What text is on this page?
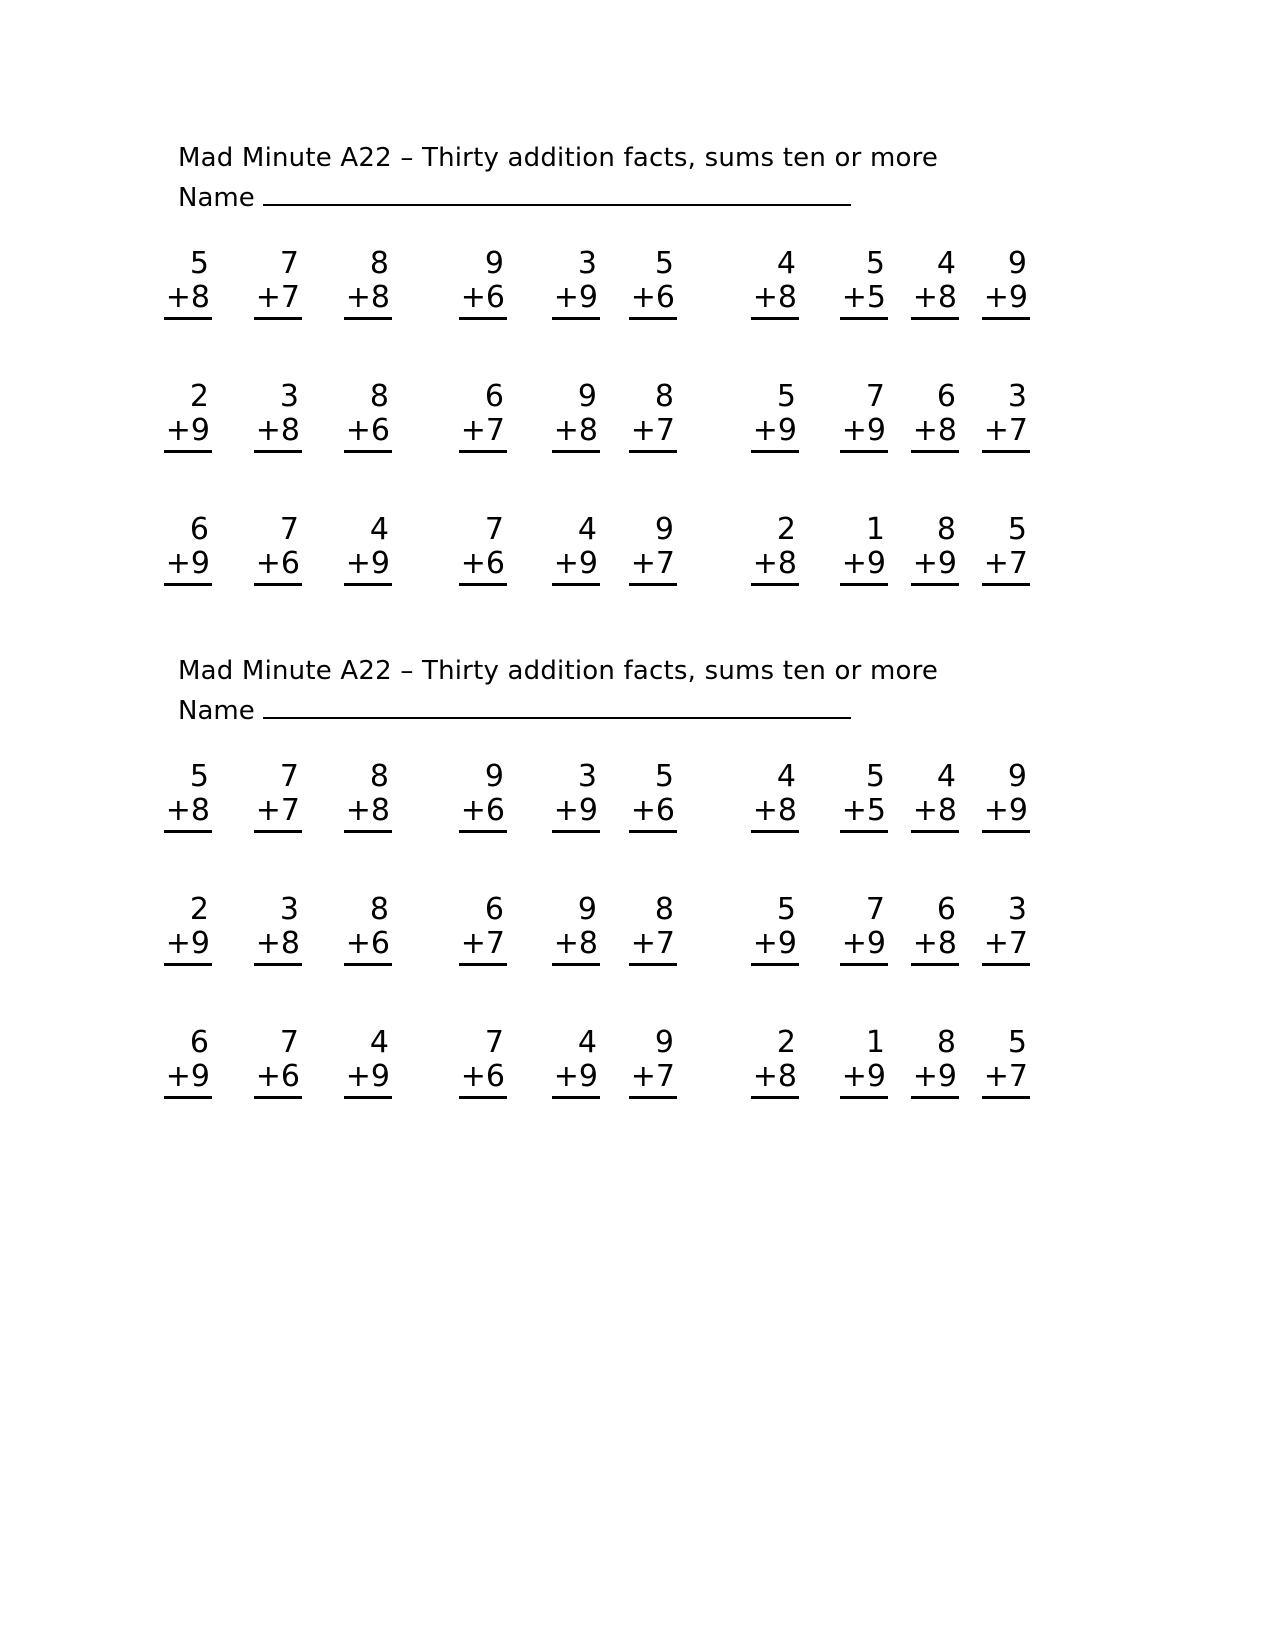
Mad Minute A22 – Thirty addition facts, sums ten or more
Name
5
+8
7
+7
8
+8
9
+6
3
+9
5
+6
4
+8
5
+5
4
+8
9
+9
2
+9
3
+8
8
+6
6
+7
9
+8
8
+7
5
+9
7
+9
6
+8
3
+7
6
+9
7
+6
4
+9
7
+6
4
+9
9
+7
2
+8
1
+9
8
+9
5
+7
Mad Minute A22 – Thirty addition facts, sums ten or more
Name
5
+8
7
+7
8
+8
9
+6
3
+9
5
+6
4
+8
5
+5
4
+8
9
+9
2
+9
3
+8
8
+6
6
+7
9
+8
8
+7
5
+9
7
+9
6
+8
3
+7
6
+9
7
+6
4
+9
7
+6
4
+9
9
+7
2
+8
1
+9
8
+9
5
+7
